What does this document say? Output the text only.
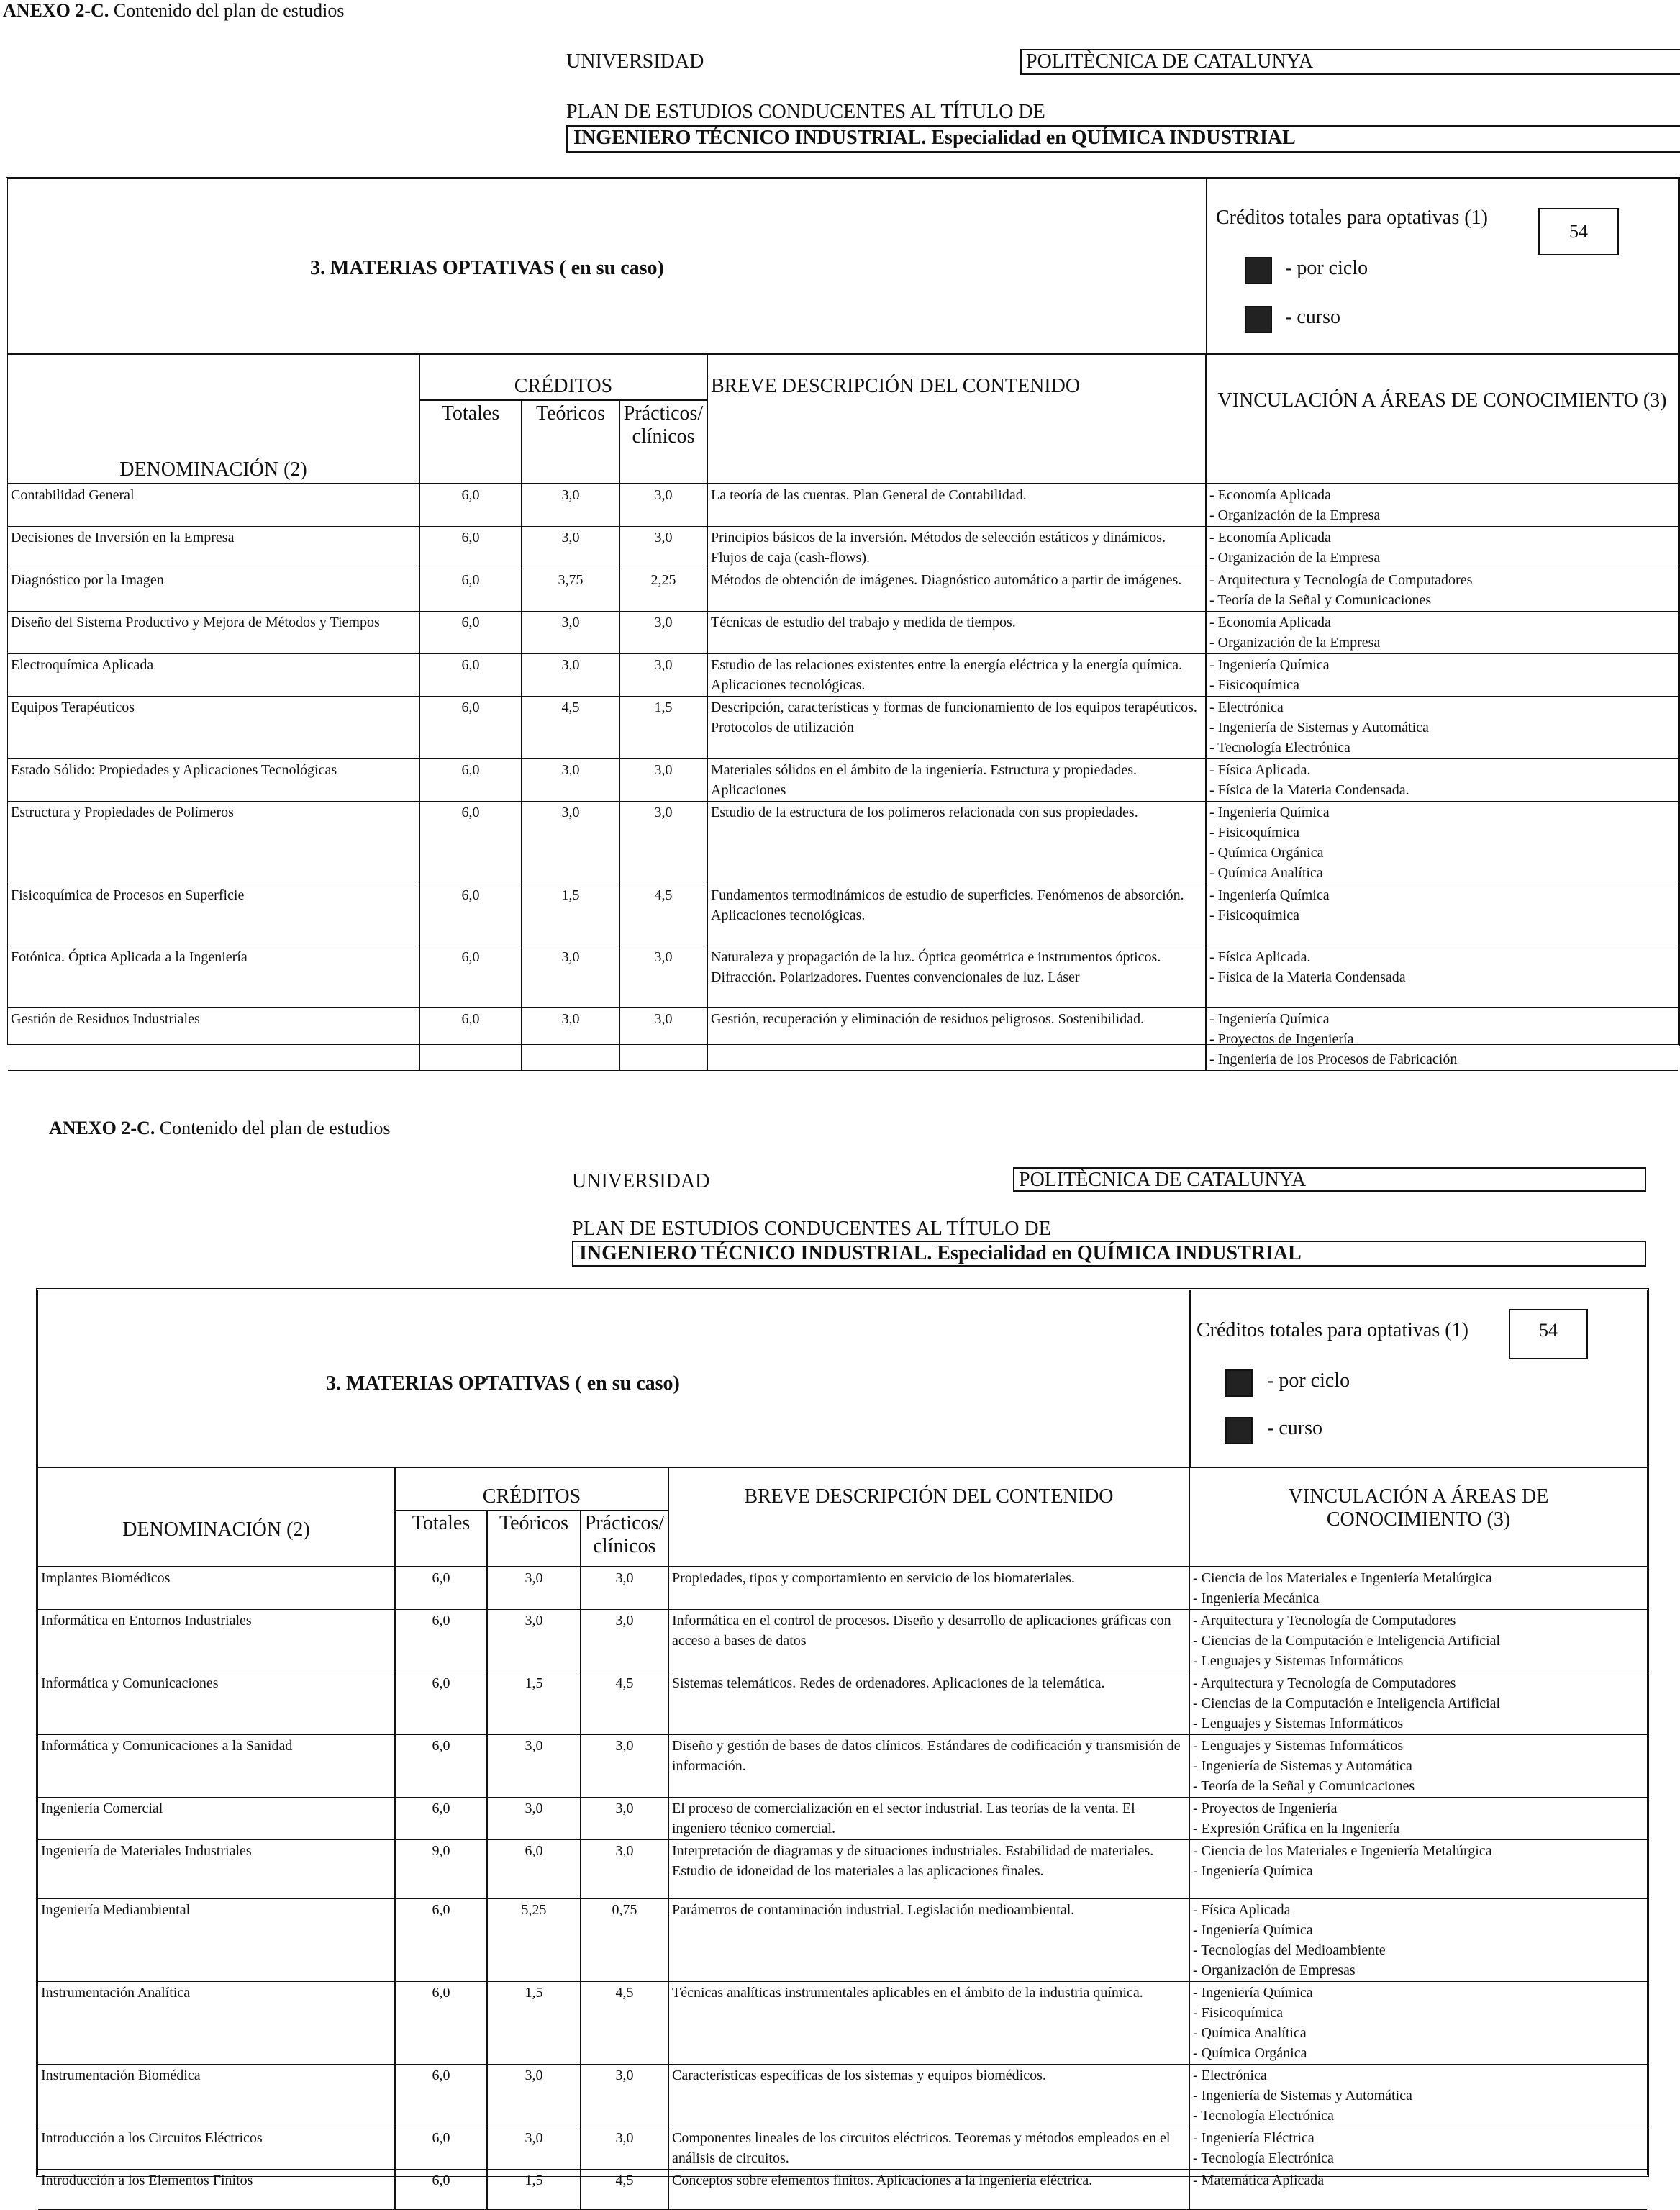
ANEXO 2-C. Contenido del plan de estudios
UNIVERSIDAD	POLITÈCNICA DE CATALUNYA
PLAN DE ESTUDIOS CONDUCENTES AL TÍTULO DE
INGENIERO TÉCNICO INDUSTRIAL. Especialidad en QUÍMICA INDUSTRIAL
3. MATERIAS OPTATIVAS ( en su caso)
Créditos totales para optativas (1)
54
- por ciclo
- curso
DENOMINACIÓN (2)	CRÉDITOS			BREVE DESCRIPCIÓN DEL CONTENIDO	VINCULACIÓN A ÁREAS DE CONOCIMIENTO (3)
	Totales	Teóricos	Prácticos/ clínicos		
Contabilidad General	6,0	3,0	3,0	La teoría de las cuentas. Plan General de Contabilidad.	- Economía Aplicada
- Organización de la Empresa

Decisiones de Inversión en la Empresa	6,0	3,0	3,0	Principios básicos de la inversión. Métodos de selección estáticos y dinámicos. Flujos de caja (cash-flows).	- Economía Aplicada
- Organización de la Empresa

Diagnóstico por la Imagen	6,0	3,75	2,25	Métodos de obtención de imágenes. Diagnóstico automático a partir de imágenes.	- Arquitectura y Tecnología de Computadores
- Teoría de la Señal y Comunicaciones

Diseño del Sistema Productivo y Mejora de Métodos y Tiempos	6,0	3,0	3,0	Técnicas de estudio del trabajo y medida de tiempos.	- Economía Aplicada
- Organización de la Empresa

Electroquímica Aplicada	6,0	3,0	3,0	Estudio de las relaciones existentes entre la energía eléctrica y la energía química. Aplicaciones tecnológicas.	- Ingeniería Química
- Fisicoquímica

Equipos Terapéuticos	6,0	4,5	1,5	Descripción, características y formas de funcionamiento de los equipos terapéuticos. Protocolos de utilización	- Electrónica
- Ingeniería de Sistemas y Automática
- Tecnología Electrónica

Estado Sólido: Propiedades y Aplicaciones Tecnológicas	6,0	3,0	3,0	Materiales sólidos en el ámbito de la ingeniería. Estructura y propiedades. Aplicaciones	- Física Aplicada.
- Física de la Materia Condensada.

Estructura y Propiedades de Polímeros	6,0	3,0	3,0	Estudio de la estructura de los polímeros relacionada con sus propiedades.	- Ingeniería Química
- Fisicoquímica
- Química Orgánica
- Química Analítica

Fisicoquímica de Procesos en Superficie	6,0	1,5	4,5	Fundamentos termodinámicos de estudio de superficies. Fenómenos de absorción. Aplicaciones tecnológicas.	- Ingeniería Química
- Fisicoquímica

Fotónica. Óptica Aplicada a la Ingeniería	6,0	3,0	3,0	Naturaleza y propagación de la luz. Óptica geométrica e instrumentos ópticos. Difracción. Polarizadores. Fuentes convencionales de luz. Láser	- Física Aplicada.
- Física de la Materia Condensada

Gestión de Residuos Industriales	6,0	3,0	3,0	Gestión, recuperación y eliminación de residuos peligrosos. Sostenibilidad.	- Ingeniería Química
- Proyectos de Ingeniería
- Ingeniería de los Procesos de Fabricación
ANEXO 2-C. Contenido del plan de estudios
UNIVERSIDAD	POLITÈCNICA DE CATALUNYA
PLAN DE ESTUDIOS CONDUCENTES AL TÍTULO DE
INGENIERO TÉCNICO INDUSTRIAL. Especialidad en QUÍMICA INDUSTRIAL
3. MATERIAS OPTATIVAS ( en su caso)
Créditos totales para optativas (1)	54
- por ciclo
- curso
DENOMINACIÓN (2)	CRÉDITOS			BREVE DESCRIPCIÓN DEL CONTENIDO	VINCULACIÓN A ÁREAS DE CONOCIMIENTO (3)
	Totales	Teóricos	Prácticos/ clínicos		
Implantes Biomédicos	6,0	3,0	3,0	Propiedades, tipos y comportamiento en servicio de los biomateriales.	- Ciencia de los Materiales e Ingeniería Metalúrgica
- Ingeniería Mecánica

Informática en Entornos Industriales	6,0	3,0	3,0	Informática en el control de procesos. Diseño y desarrollo de aplicaciones gráficas con acceso a bases de datos	- Arquitectura y Tecnología de Computadores
- Ciencias de la Computación e Inteligencia Artificial
- Lenguajes y Sistemas Informáticos

Informática y Comunicaciones	6,0	1,5	4,5	Sistemas telemáticos. Redes de ordenadores. Aplicaciones de la telemática.	- Arquitectura y Tecnología de Computadores
- Ciencias de la Computación e Inteligencia Artificial
- Lenguajes y Sistemas Informáticos

Informática y Comunicaciones a la Sanidad	6,0	3,0	3,0	Diseño y gestión de bases de datos clínicos. Estándares de codificación y transmisión de información.	- Lenguajes y Sistemas Informáticos
- Ingeniería de Sistemas y Automática
- Teoría de la Señal y Comunicaciones

Ingeniería Comercial	6,0	3,0	3,0	El proceso de comercialización en el sector industrial. Las teorías de la venta. El ingeniero técnico comercial.	- Proyectos de Ingeniería
- Expresión Gráfica en la Ingeniería

Ingeniería de Materiales Industriales	9,0	6,0	3,0	Interpretación de diagramas y de situaciones industriales. Estabilidad de materiales. Estudio de idoneidad de los materiales a las aplicaciones finales.	- Ciencia de los Materiales e Ingeniería Metalúrgica
- Ingeniería Química

Ingeniería Mediambiental	6,0	5,25	0,75	Parámetros de contaminación industrial. Legislación medioambiental.	- Física Aplicada
- Ingeniería Química
- Tecnologías del Medioambiente
- Organización de Empresas

Instrumentación Analítica	6,0	1,5	4,5	Técnicas analíticas instrumentales aplicables en el ámbito de la industria química.	- Ingeniería Química
- Fisicoquímica
- Química Analítica
- Química Orgánica

Instrumentación Biomédica	6,0	3,0	3,0	Características específicas de los sistemas y equipos biomédicos.	- Electrónica
- Ingeniería de Sistemas y Automática
- Tecnología Electrónica

Introducción a los Circuitos Eléctricos	6,0	3,0	3,0	Componentes lineales de los circuitos eléctricos. Teoremas y métodos empleados en el análisis de circuitos.	- Ingeniería Eléctrica
- Tecnología Electrónica

Introducción a los Elementos Finitos	6,0	1,5	4,5	Conceptos sobre elementos finitos. Aplicaciones a la ingeniería eléctrica.	- Matemática Aplicada
